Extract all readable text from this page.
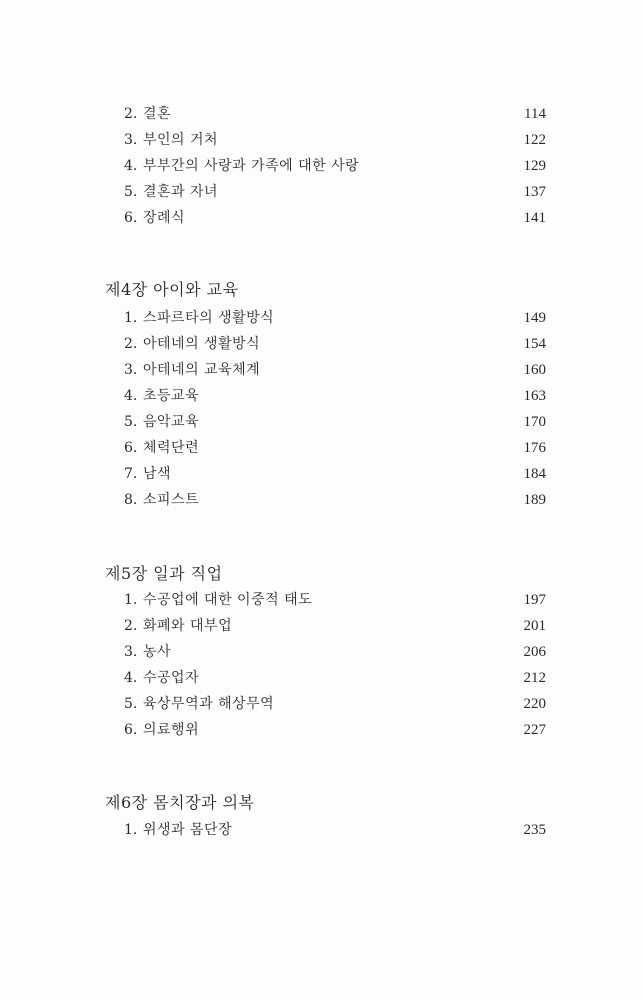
2. 결혼	114
3. 부인의 거처	122
4. 부부간의 사랑과 가족에 대한 사랑	129
5. 결혼과 자녀	137
6. 장례식	141
제4장 아이와 교육
1. 스파르타의 생활방식	149
2. 아테네의 생활방식	154
3. 아테네의 교육체계	160
4. 초등교육	163
5. 음악교육	170
6. 체력단련	176
7. 남색	184
8. 소피스트	189
제5장 일과 직업
1. 수공업에 대한 이중적 태도	197
2. 화폐와 대부업	201
3. 농사	206
4. 수공업자	212
5. 육상무역과 해상무역	220
6. 의료행위	227
제6장 몸치장과 의복
1. 위생과 몸단장	235
